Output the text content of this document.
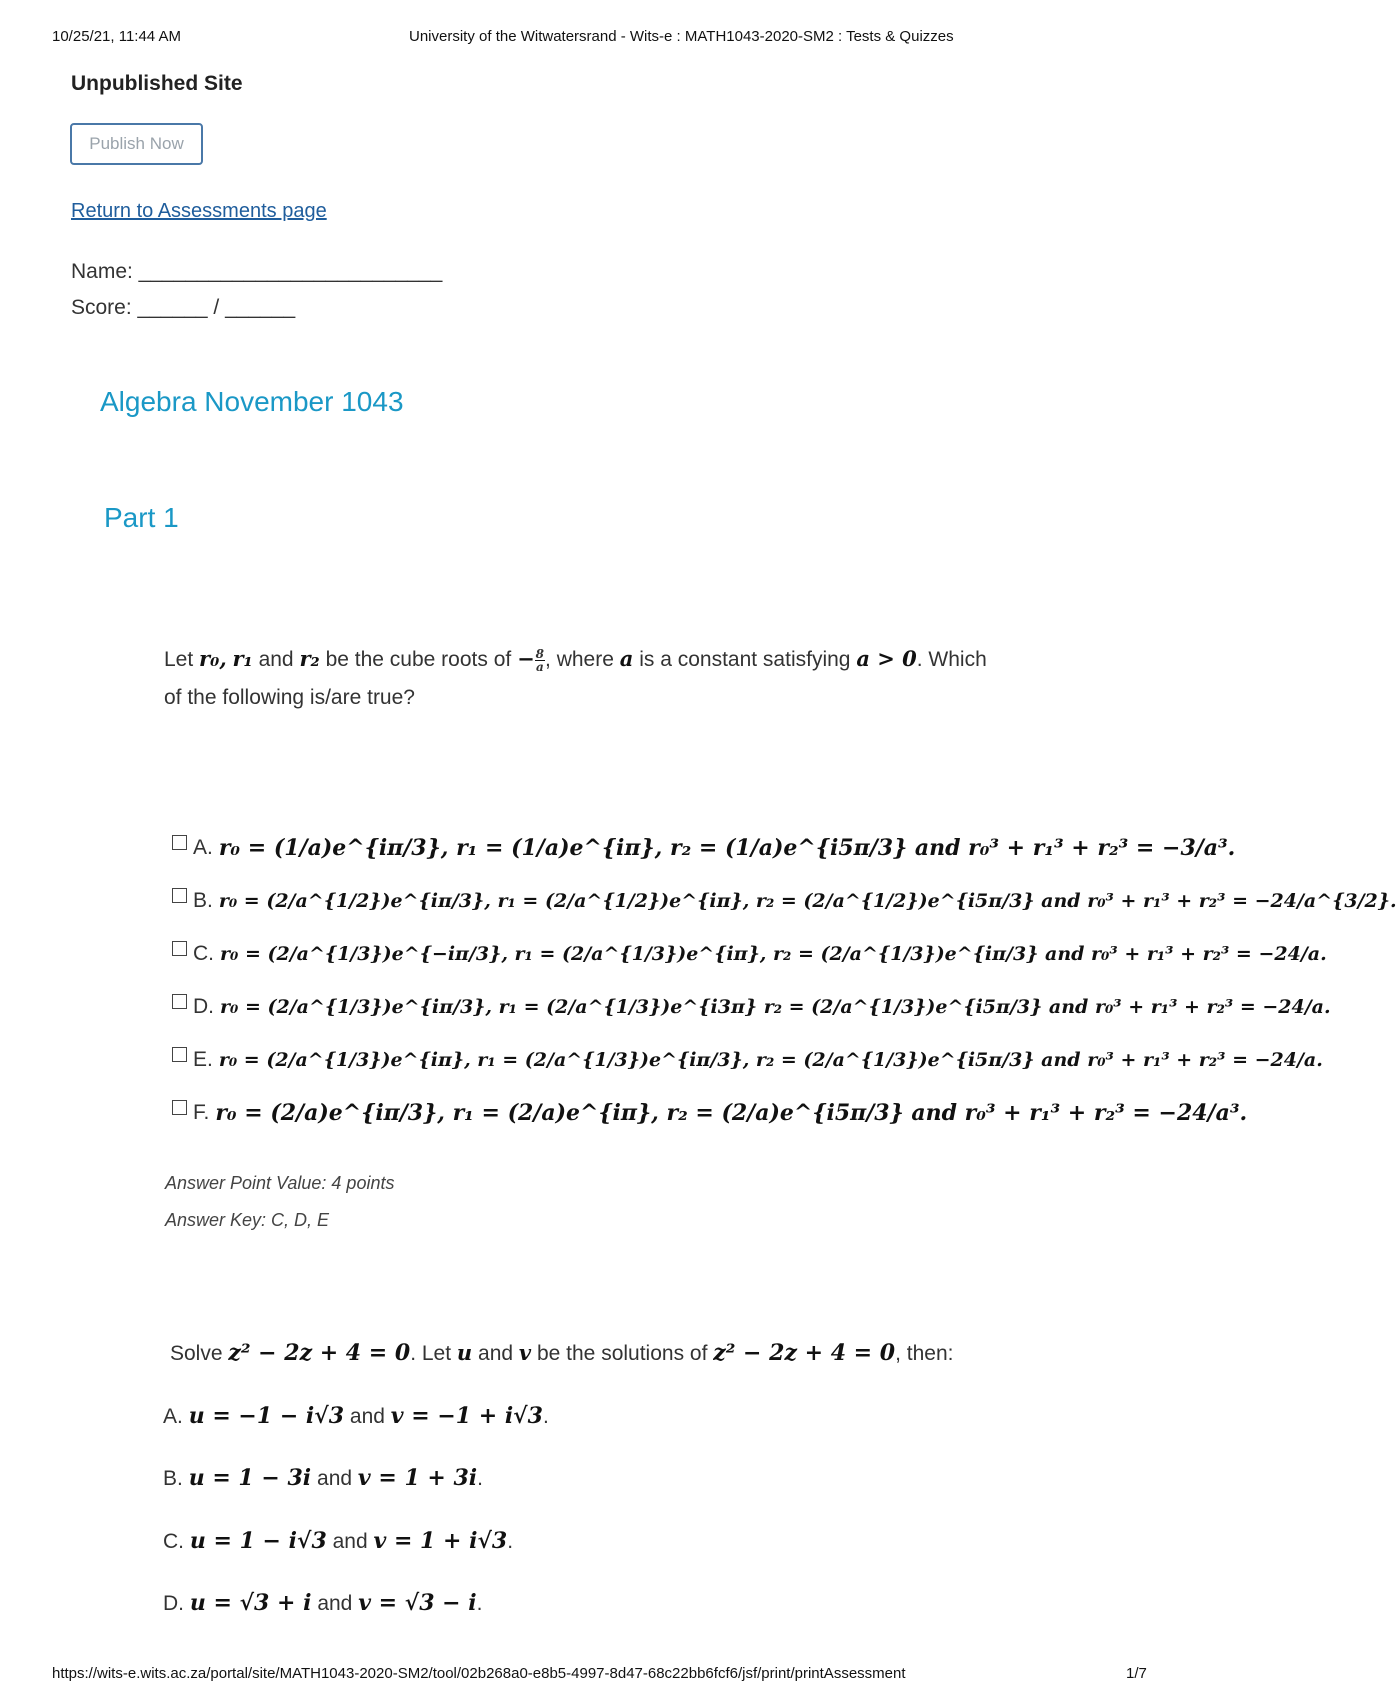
10/25/21, 11:44 AM	University of the Witwatersrand - Wits-e : MATH1043-2020-SM2 : Tests & Quizzes
Unpublished Site
Publish Now
Return to Assessments page
Name: __________________________
Score: ______ / ______
Algebra November 1043
Part 1
Let r₀, r₁ and r₂ be the cube roots of − $\frac{8}{a}$ , where a is a constant satisfying a > 0. Which
of the following is/are true?
A. r₀ = (1/a)e^{iπ/3}, r₁ = (1/a)e^{iπ}, r₂ = (1/a)e^{i5π/3} and r₀³ + r₁³ + r₂³ = −3/a³.
B. r₀ = (2/a^{1/2})e^{iπ/3}, r₁ = (2/a^{1/2})e^{iπ}, r₂ = (2/a^{1/2})e^{i5π/3} and r₀³ + r₁³ + r₂³ = −24/a^{3/2}.
C. r₀ = (2/a^{1/3})e^{−iπ/3}, r₁ = (2/a^{1/3})e^{iπ}, r₂ = (2/a^{1/3})e^{iπ/3} and r₀³ + r₁³ + r₂³ = −24/a.
D. r₀ = (2/a^{1/3})e^{iπ/3}, r₁ = (2/a^{1/3})e^{i3π} r₂ = (2/a^{1/3})e^{i5π/3} and r₀³ + r₁³ + r₂³ = −24/a.
E. r₀ = (2/a^{1/3})e^{iπ}, r₁ = (2/a^{1/3})e^{iπ/3}, r₂ = (2/a^{1/3})e^{i5π/3} and r₀³ + r₁³ + r₂³ = −24/a.
F. r₀ = (2/a)e^{iπ/3}, r₁ = (2/a)e^{iπ}, r₂ = (2/a)e^{i5π/3} and r₀³ + r₁³ + r₂³ = −24/a³.
Answer Point Value: 4 points
Answer Key: C, D, E
Solve z² − 2z + 4 = 0. Let u and v be the solutions of z² − 2z + 4 = 0, then:
A. u = −1 − i√3 and v = −1 + i√3.
B. u = 1 − 3i and v = 1 + 3i.
C. u = 1 − i√3 and v = 1 + i√3.
D. u = √3 + i and v = √3 − i.
https://wits-e.wits.ac.za/portal/site/MATH1043-2020-SM2/tool/02b268a0-e8b5-4997-8d47-68c22bb6fcf6/jsf/print/printAssessment	1/7
